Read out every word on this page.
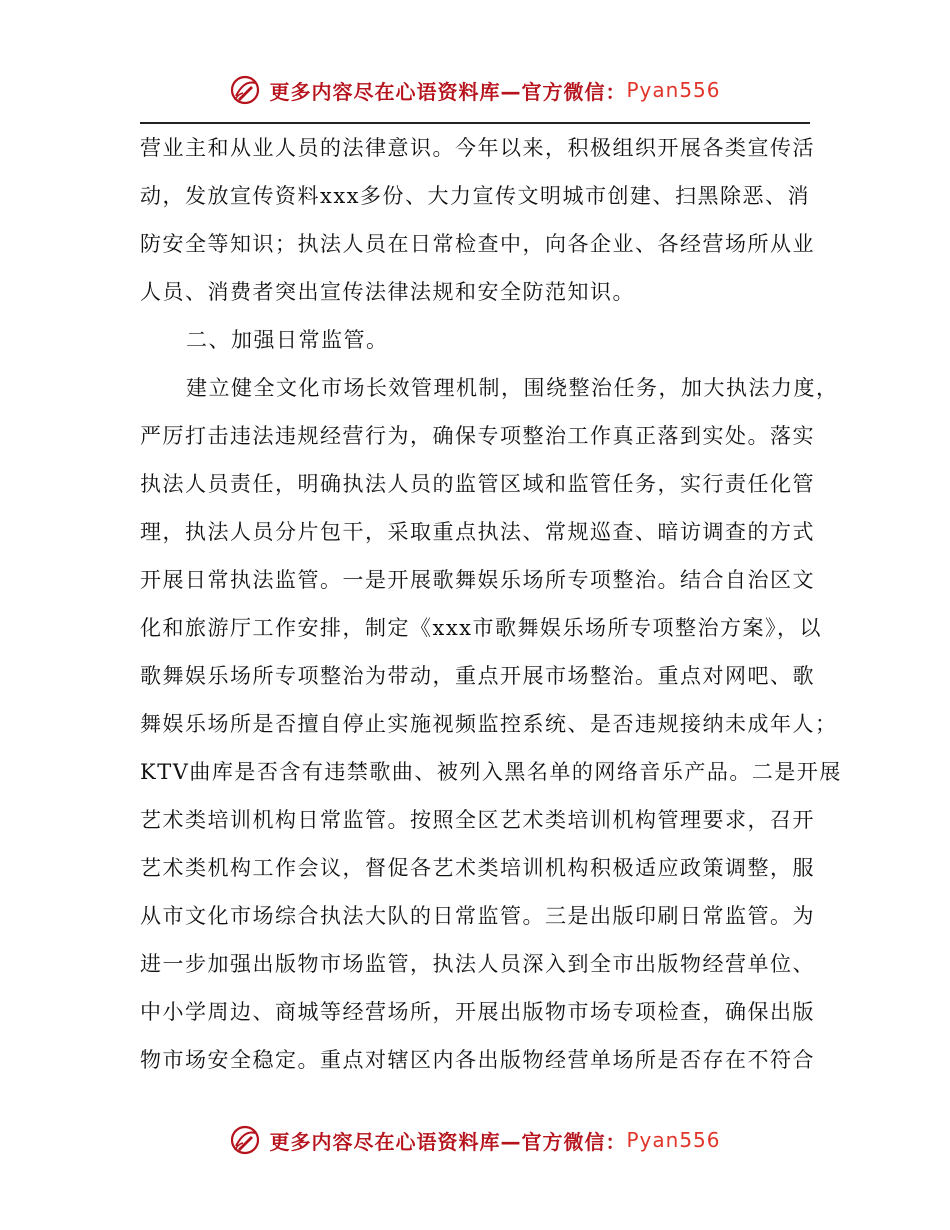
更多内容尽在心语资料库—官方微信： Pyan556
营业主和从业人员的法律意识。今年以来，积极组织开展各类宣传活
动，发放宣传资料xxx多份、大力宣传文明城市创建、扫黑除恶、消
防安全等知识；执法人员在日常检查中，向各企业、各经营场所从业
人员、消费者突出宣传法律法规和安全防范知识。
二、加强日常监管。
建立健全文化市场长效管理机制，围绕整治任务，加大执法力度，
严厉打击违法违规经营行为，确保专项整治工作真正落到实处。落实
执法人员责任，明确执法人员的监管区域和监管任务，实行责任化管
理，执法人员分片包干，采取重点执法、常规巡查、暗访调查的方式
开展日常执法监管。一是开展歌舞娱乐场所专项整治。结合自治区文
化和旅游厅工作安排，制定《xxx市歌舞娱乐场所专项整治方案》，以
歌舞娱乐场所专项整治为带动，重点开展市场整治。重点对网吧、歌
舞娱乐场所是否擅自停止实施视频监控系统、是否违规接纳未成年人；
KTV曲库是否含有违禁歌曲、被列入黑名单的网络音乐产品。二是开展
艺术类培训机构日常监管。按照全区艺术类培训机构管理要求，召开
艺术类机构工作会议，督促各艺术类培训机构积极适应政策调整，服
从市文化市场综合执法大队的日常监管。三是出版印刷日常监管。为
进一步加强出版物市场监管，执法人员深入到全市出版物经营单位、
中小学周边、商城等经营场所，开展出版物市场专项检查，确保出版
物市场安全稳定。重点对辖区内各出版物经营单场所是否存在不符合
更多内容尽在心语资料库—官方微信： Pyan556
